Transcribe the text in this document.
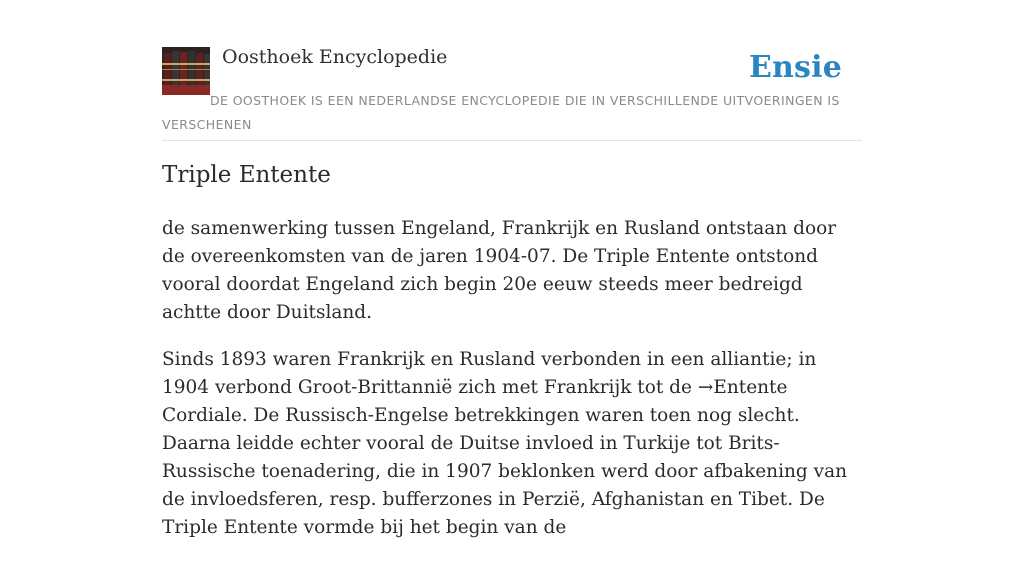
Oosthoek Encyclopedie	Ensie
DE OOSTHOEK IS EEN NEDERLANDSE ENCYCLOPEDIE DIE IN VERSCHILLENDE UITVOERINGEN IS VERSCHENEN
Triple Entente

de samenwerking tussen Engeland, Frankrijk en Rusland ontstaan door de overeenkomsten van de jaren 1904-07. De Triple Entente ontstond vooral doordat Engeland zich begin 20e eeuw steeds meer bedreigd achtte door Duitsland.

Sinds 1893 waren Frankrijk en Rusland verbonden in een alliantie; in 1904 verbond Groot-Brittannië zich met Frankrijk tot de →Entente Cordiale. De Russisch-Engelse betrekkingen waren toen nog slecht. Daarna leidde echter vooral de Duitse invloed in Turkije tot Brits-Russische toenadering, die in 1907 beklonken werd door afbakening van de invloedsferen, resp. bufferzones in Perzië, Afghanistan en Tibet. De Triple Entente vormde bij het begin van de
